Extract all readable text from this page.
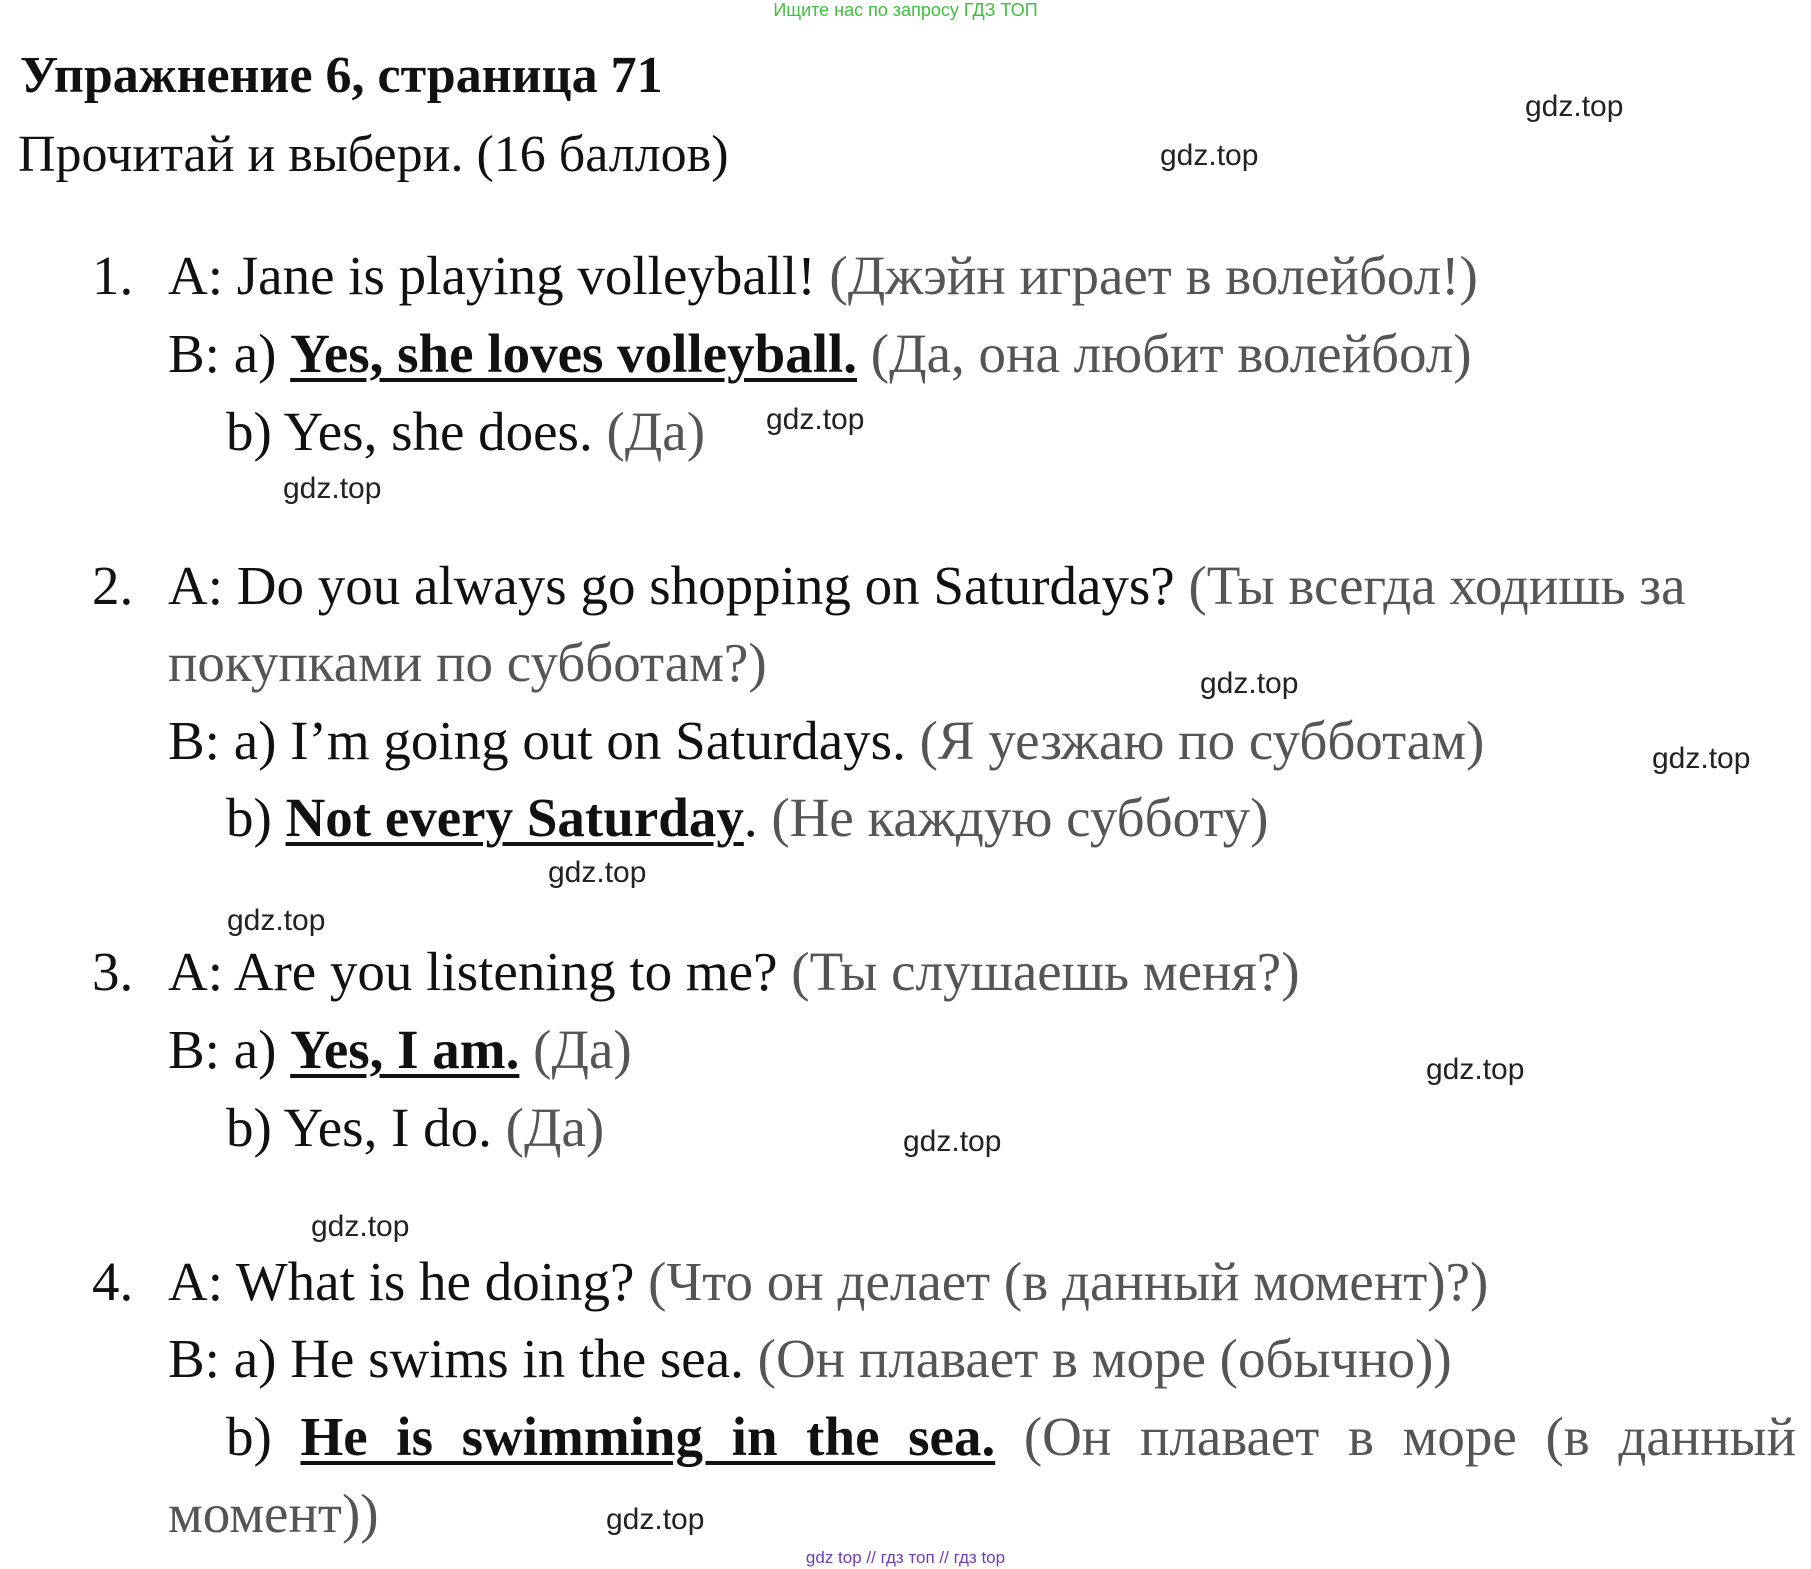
Ищите нас по запросу ГДЗ ТОП
Упражнение 6, страница 71
Прочитай и выбери. (16 баллов)
1. A: Jane is playing volleyball! (Джэйн играет в волейбол!)
B: a) Yes, she loves volleyball. (Да, она любит волейбол)
b) Yes, she does. (Да)
2. A: Do you always go shopping on Saturdays? (Ты всегда ходишь за
покупками по субботам?)
B: a) I’m going out on Saturdays. (Я уезжаю по субботам)
b) Not every Saturday. (Не каждую субботу)
3. A: Are you listening to me? (Ты слушаешь меня?)
B: a) Yes, I am. (Да)
b) Yes, I do. (Да)
4. A: What is he doing? (Что он делает (в данный момент)?)
B: a) He swims in the sea. (Он плавает в море (обычно))
b) He is swimming in the sea. (Он плавает в море (в данный
момент))
gdz.top
gdz.top
gdz.top
gdz.top
gdz.top
gdz.top
gdz.top
gdz.top
gdz.top
gdz.top
gdz.top
gdz.top
gdz top // гдз топ // гдз top
